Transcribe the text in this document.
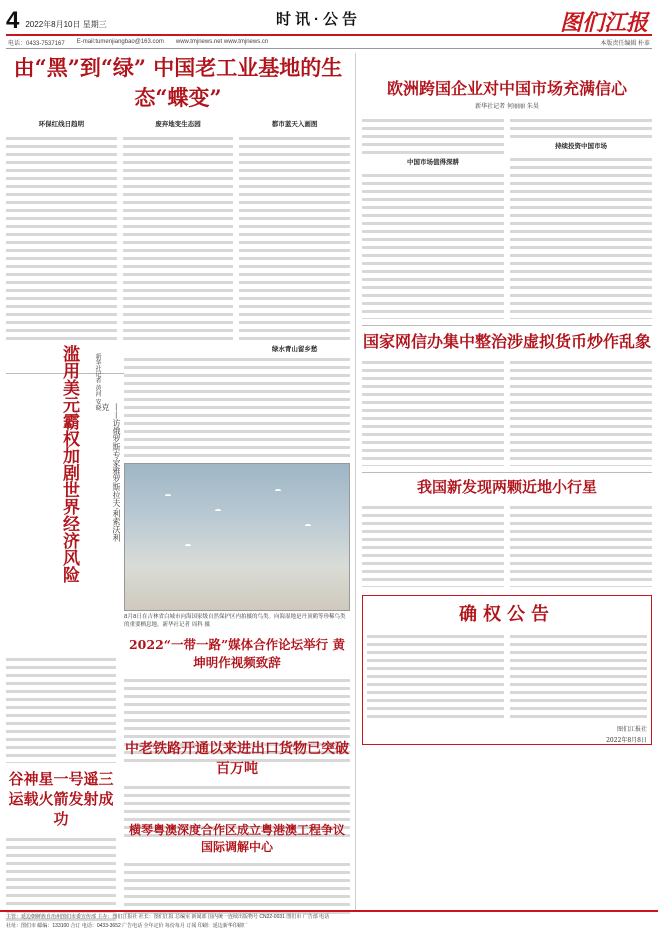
4 2022年8月10日 星期三	时讯·公告	图们江报
电话：0433-7537167 E-mail:tumenjiangbao@163.com www.tmjnews.net www.tmjnews.cn	本版责任编辑 朴革
由“黑”到“绿” 中国老工业基地的生态“蝶变”
环保红线日趋明	废弃地变生态园	都市蓝天入画图
绿水青山留乡愁
滥用美元霸权加剧世界经济风险	——访俄罗斯专家雅罗斯拉夫·利索沃利克
新华社记者 黄河 安晓
8月8日在吉林省白城市向海国家级自然保护区内拍摄的鸟类。向海湿地是丹顶鹤等珍稀鸟类的重要栖息地。新华社记者 周科 摄
2022“一带一路”媒体合作论坛举行 黄坤明作视频致辞
中老铁路开通以来进出口货物已突破百万吨
横琴粤澳深度合作区成立粤港澳工程争议国际调解中心
谷神星一号遥三运载火箭发射成功
欧洲跨国企业对中国市场充满信心
新华社记者 何丽丽 朱昊
中国市场值得深耕
持续投资中国市场
国家网信办集中整治涉虚拟货币炒作乱象
我国新发现两颗近地小行星
确权公告
图们江报社
2022年8月8日
主管：延边朝鲜族自治州图们市委宣传部 主办：图们江报社 社长：图们江报 总编室 新闻部 国内统一连续出版物号 CN22-0031 图们市 广告部 电话
社址：图们市 邮编：133100 合订 电话：0433-3652 广告电话 全年定价 每份每月 订阅 印刷：延边新华印刷厂
